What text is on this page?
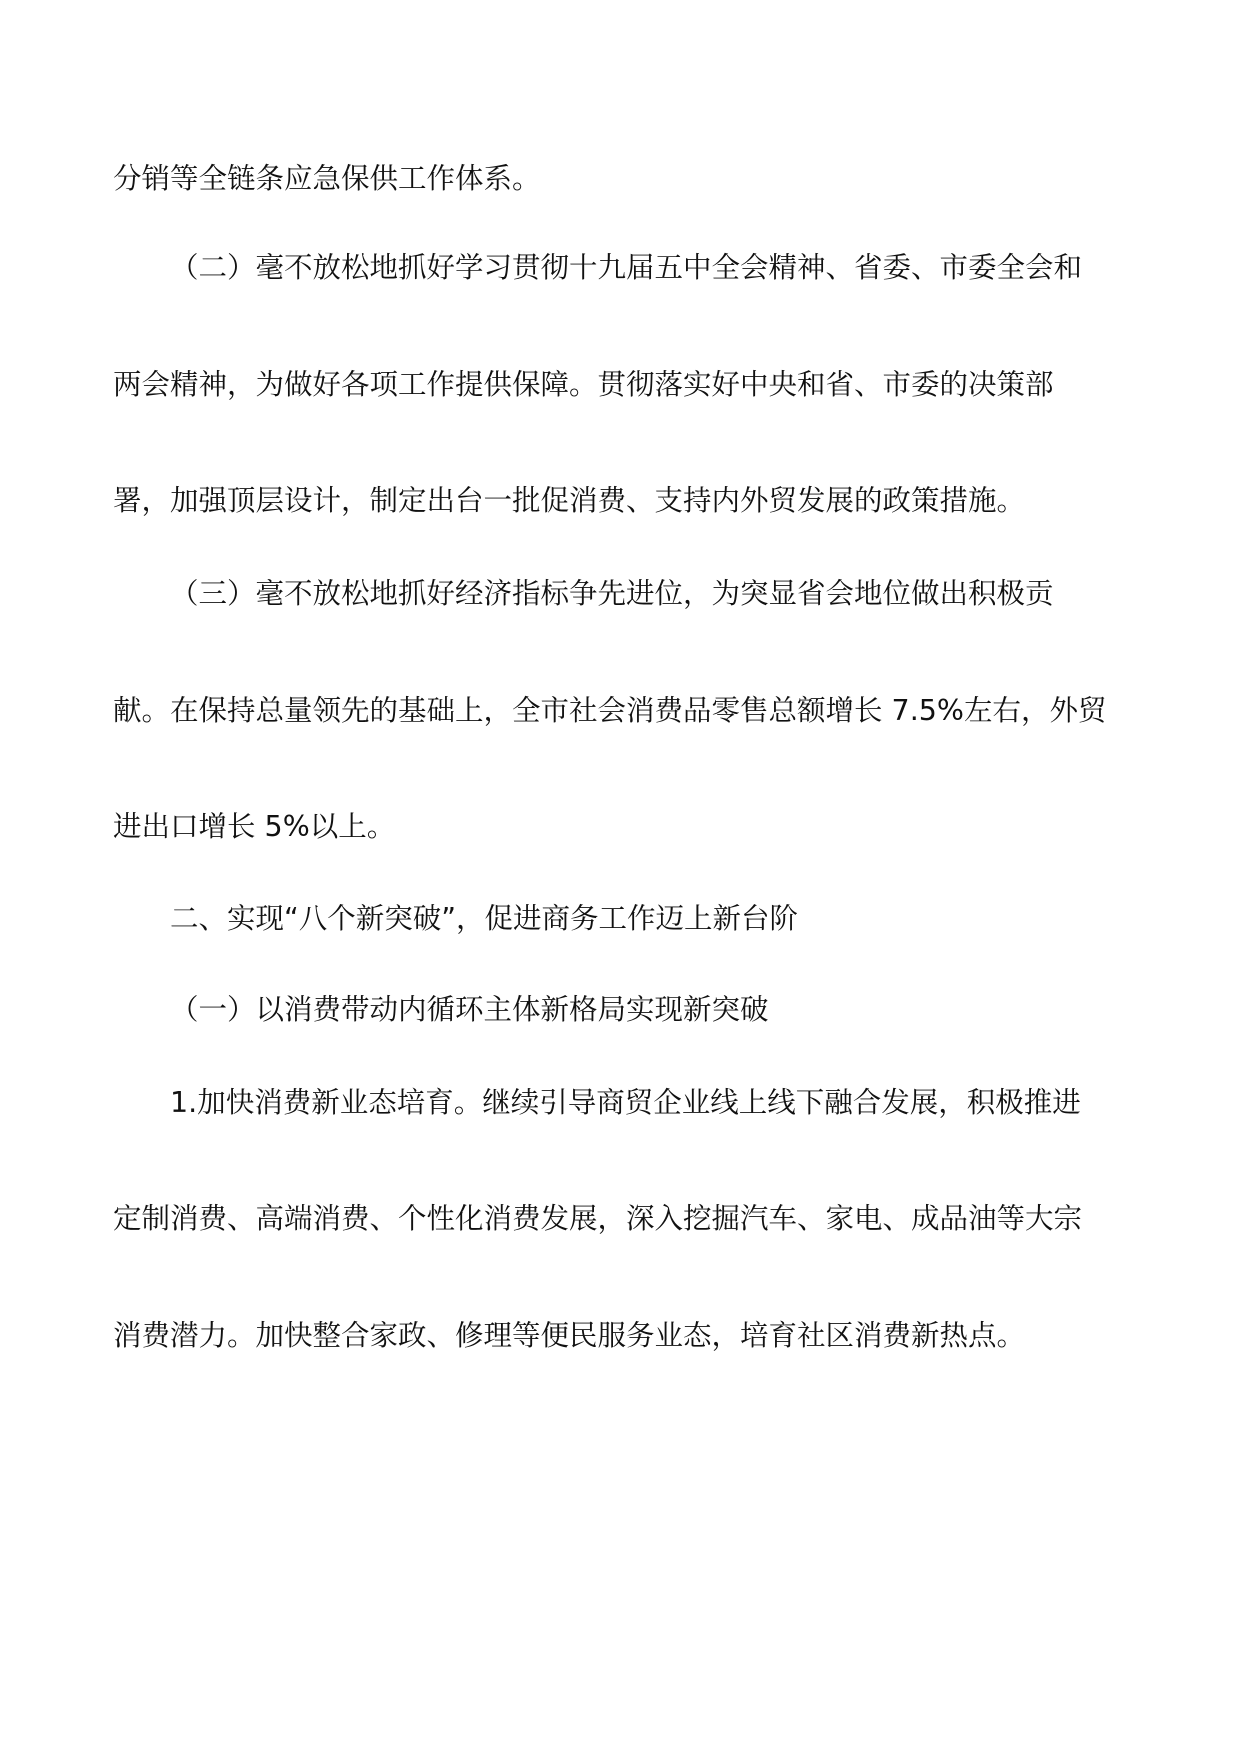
分销等全链条应急保供工作体系。

（二）毫不放松地抓好学习贯彻十九届五中全会精神、省委、市委全会和

两会精神，为做好各项工作提供保障。贯彻落实好中央和省、市委的决策部

署，加强顶层设计，制定出台一批促消费、支持内外贸发展的政策措施。

（三）毫不放松地抓好经济指标争先进位，为突显省会地位做出积极贡

献。在保持总量领先的基础上，全市社会消费品零售总额增长 7.5%左右，外贸

进出口增长 5%以上。

二、实现“八个新突破”，促进商务工作迈上新台阶

（一）以消费带动内循环主体新格局实现新突破

1.加快消费新业态培育。继续引导商贸企业线上线下融合发展，积极推进

定制消费、高端消费、个性化消费发展，深入挖掘汽车、家电、成品油等大宗

消费潜力。加快整合家政、修理等便民服务业态，培育社区消费新热点。
